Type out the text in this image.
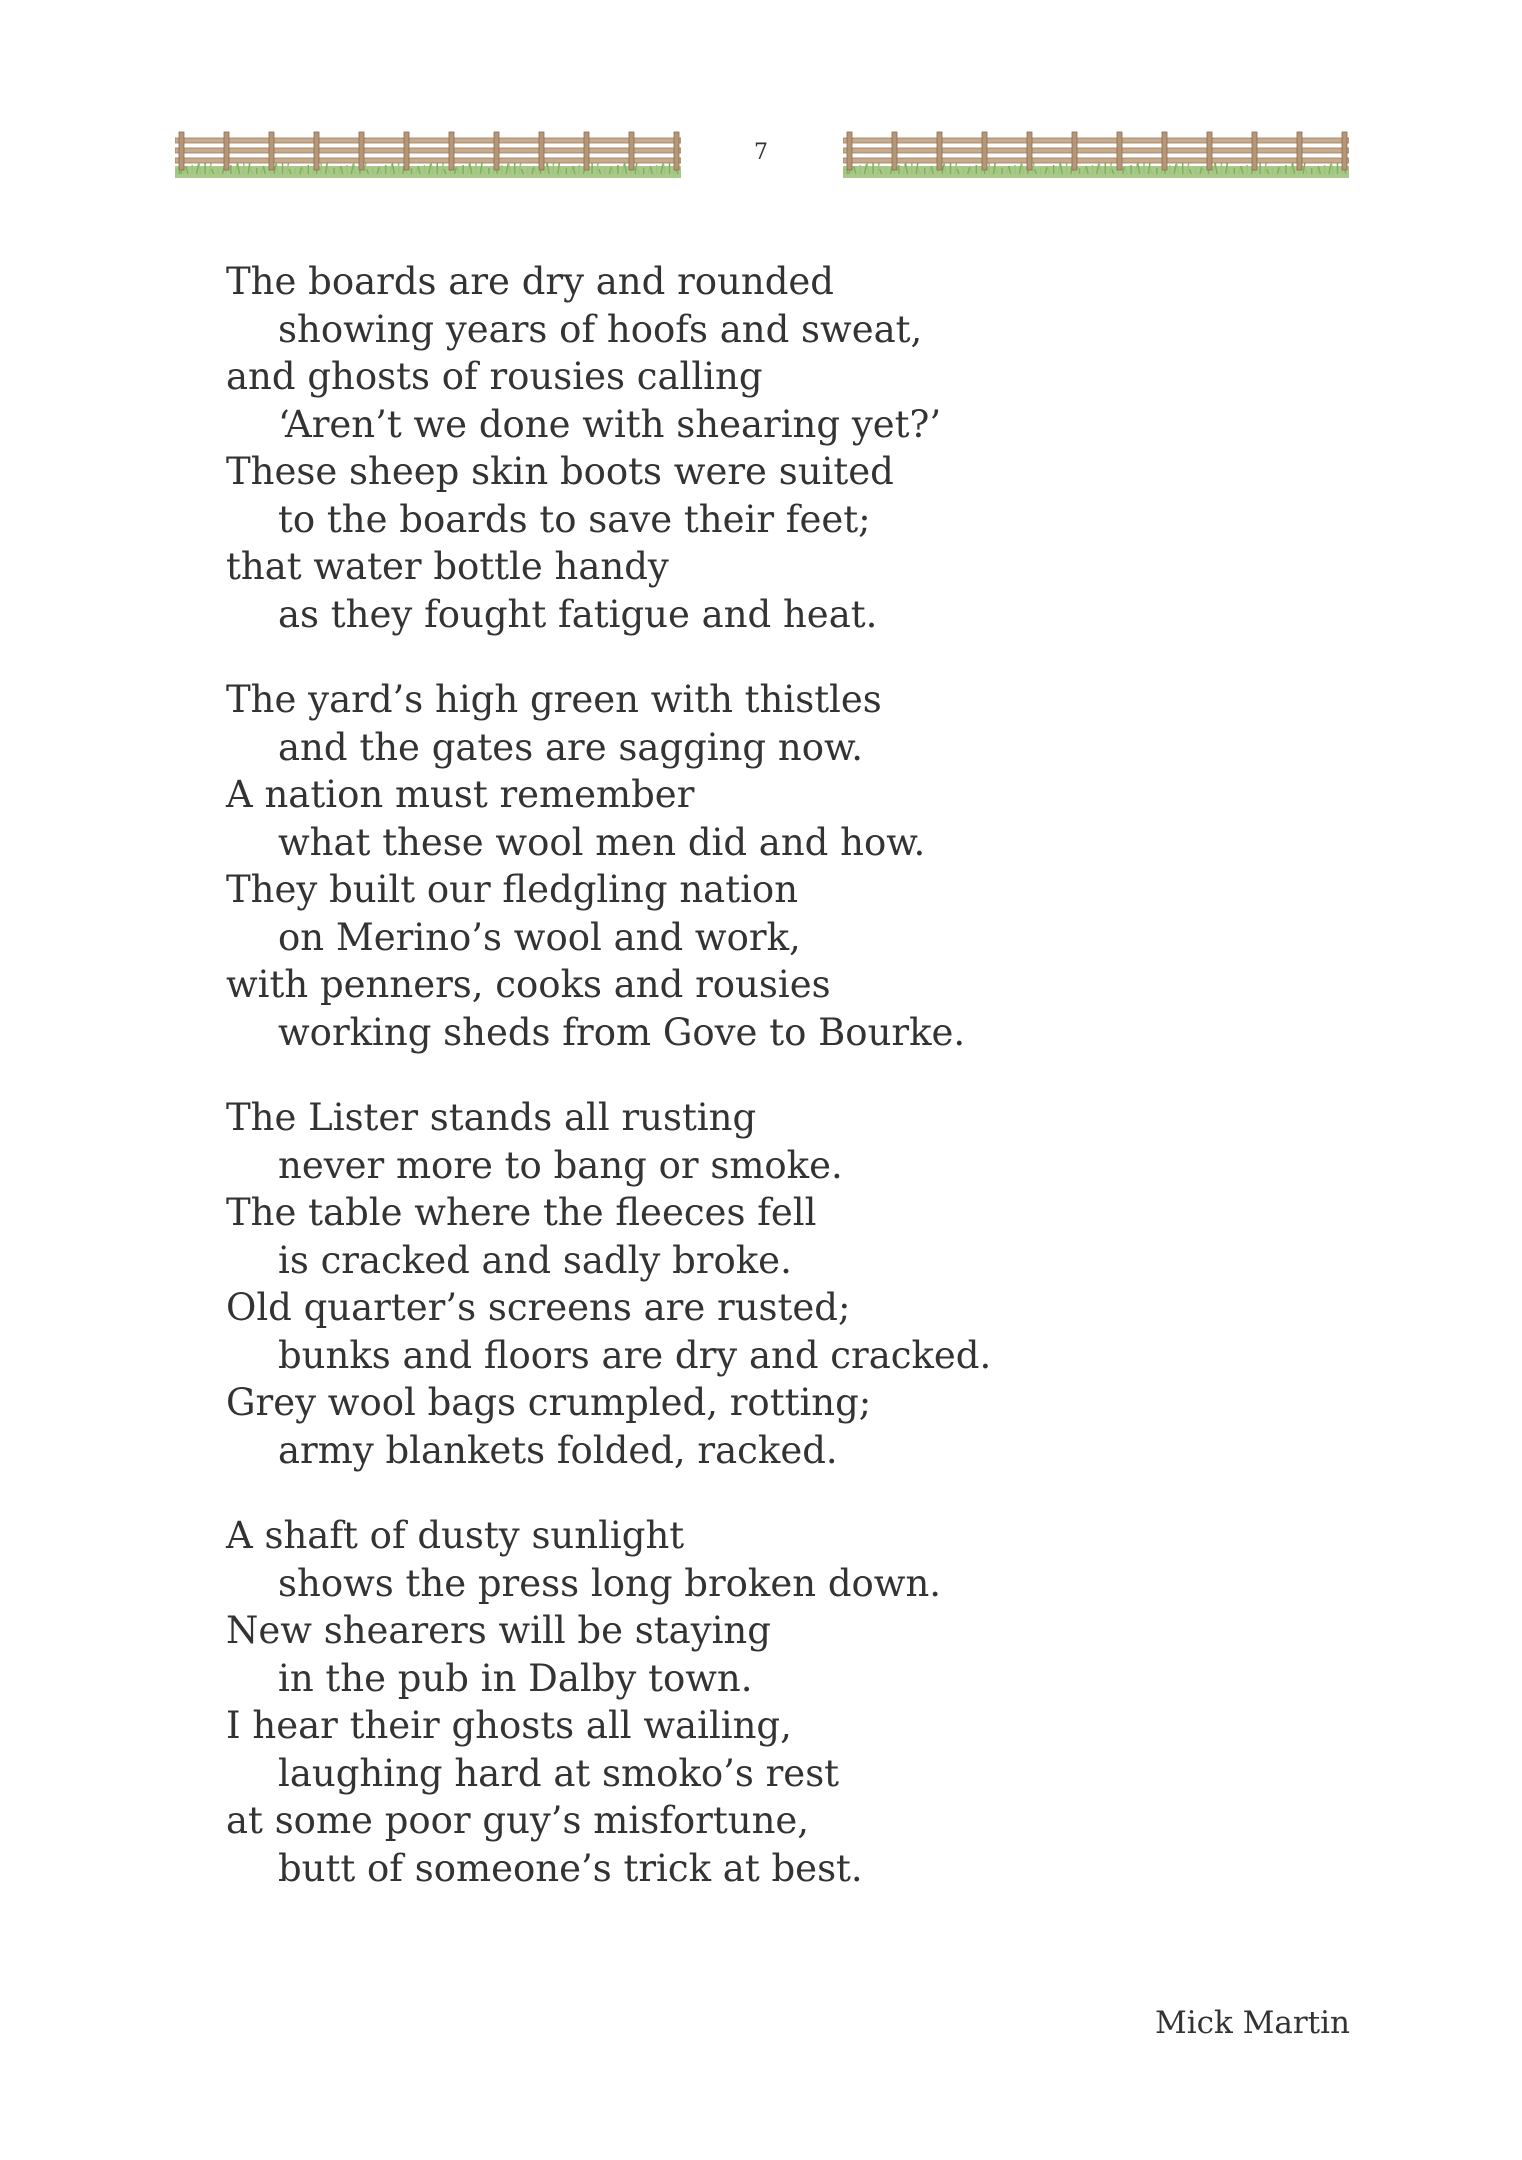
7
The boards are dry and rounded
showing years of hoofs and sweat,
and ghosts of rousies calling
‘Aren’t we done with shearing yet?’
These sheep skin boots were suited
to the boards to save their feet;
that water bottle handy
as they fought fatigue and heat.
The yard’s high green with thistles
and the gates are sagging now.
A nation must remember
what these wool men did and how.
They built our fledgling nation
on Merino’s wool and work,
with penners, cooks and rousies
working sheds from Gove to Bourke.
The Lister stands all rusting
never more to bang or smoke.
The table where the fleeces fell
is cracked and sadly broke.
Old quarter’s screens are rusted;
bunks and floors are dry and cracked.
Grey wool bags crumpled, rotting;
army blankets folded, racked.
A shaft of dusty sunlight
shows the press long broken down.
New shearers will be staying
in the pub in Dalby town.
I hear their ghosts all wailing,
laughing hard at smoko’s rest
at some poor guy’s misfortune,
butt of someone’s trick at best.
Mick Martin
